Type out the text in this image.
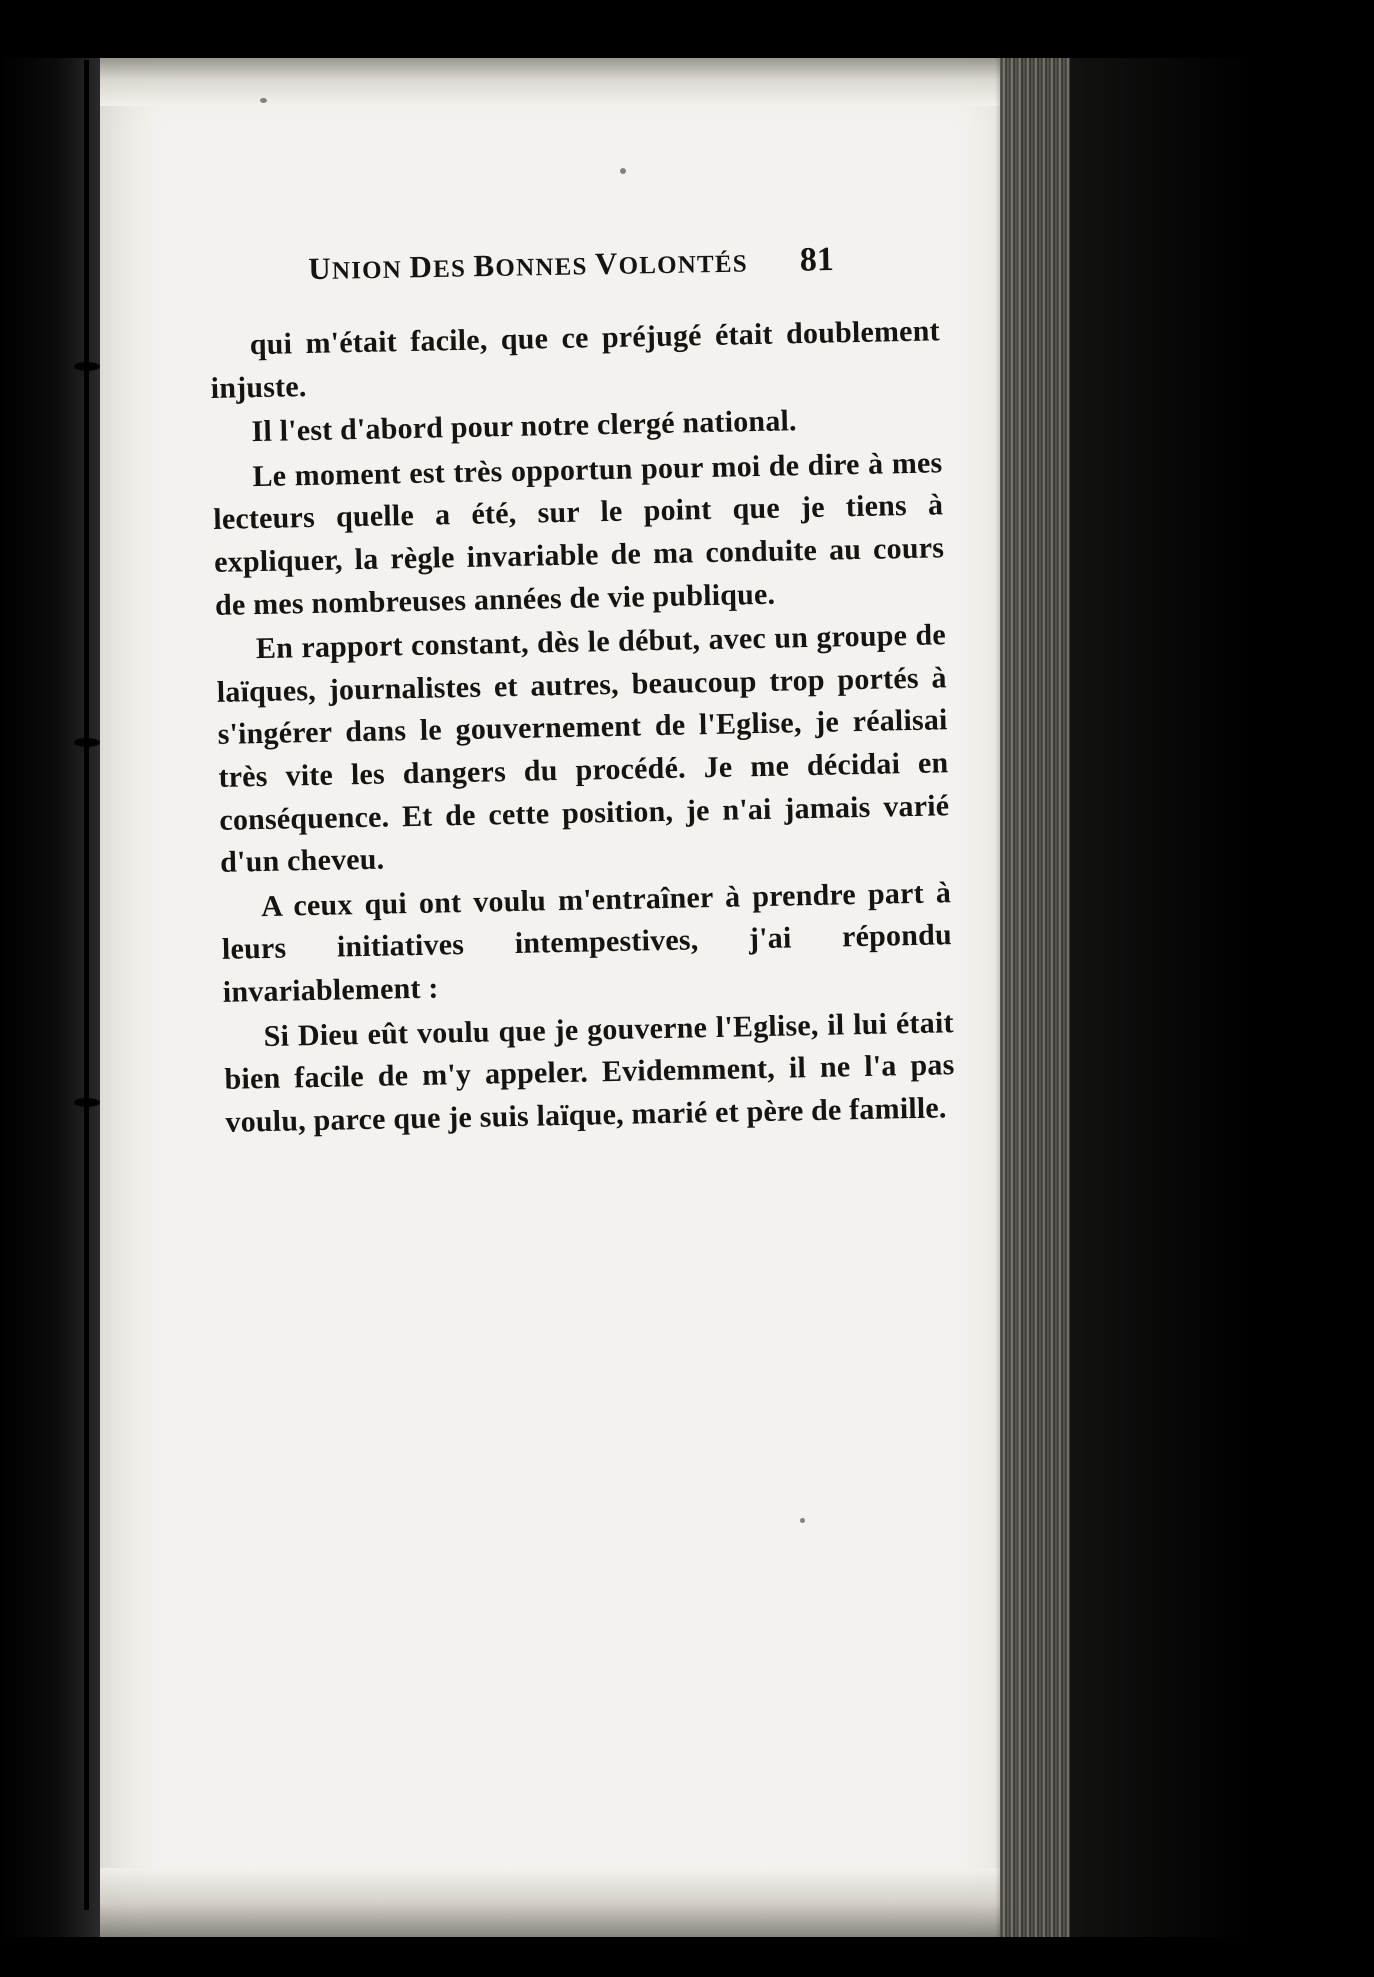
UNION DES BONNES VOLONTÉS 81

qui m'était facile, que ce préjugé était doublement injuste.

Il l'est d'abord pour notre clergé national.

Le moment est très opportun pour moi de dire à mes lecteurs quelle a été, sur le point que je tiens à expliquer, la règle invariable de ma conduite au cours de mes nombreuses années de vie publique.

En rapport constant, dès le début, avec un groupe de laïques, journalistes et autres, beaucoup trop portés à s'ingérer dans le gouvernement de l'Eglise, je réalisai très vite les dangers du procédé. Je me décidai en conséquence. Et de cette position, je n'ai jamais varié d'un cheveu.

A ceux qui ont voulu m'entraîner à prendre part à leurs initiatives intempestives, j'ai répondu invariablement :

Si Dieu eût voulu que je gouverne l'Eglise, il lui était bien facile de m'y appeler. Evidemment, il ne l'a pas voulu, parce que je suis laïque, marié et père de famille.
